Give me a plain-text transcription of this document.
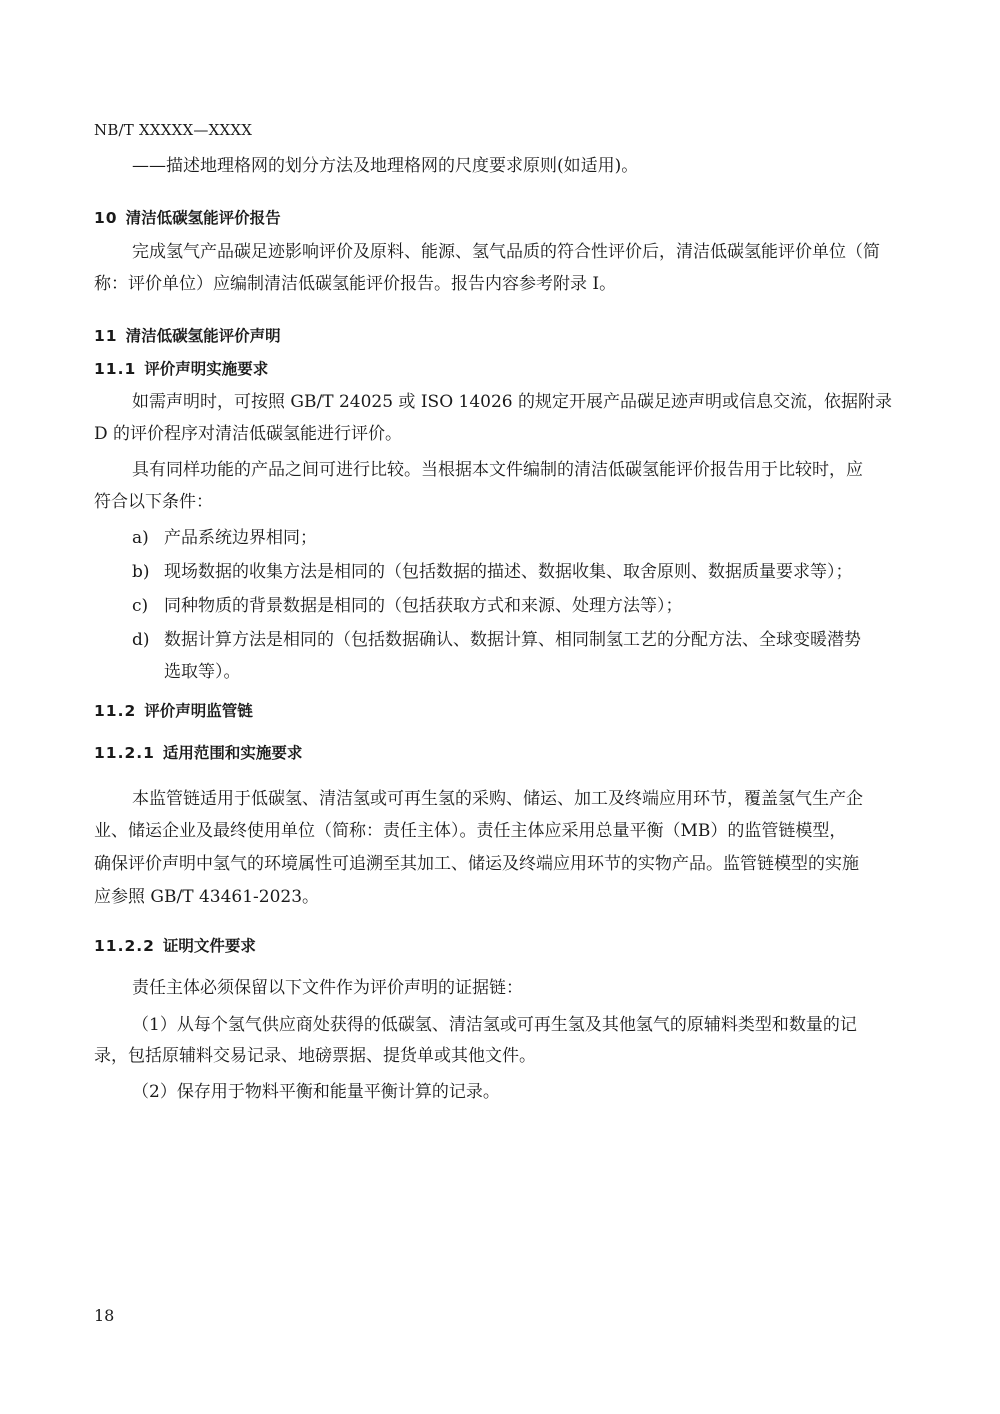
NB/T XXXXX—XXXX
——描述地理格网的划分方法及地理格网的尺度要求原则(如适用)。
10 清洁低碳氢能评价报告
完成氢气产品碳足迹影响评价及原料、能源、氢气品质的符合性评价后，清洁低碳氢能评价单位（简
称：评价单位）应编制清洁低碳氢能评价报告。报告内容参考附录 I。
11 清洁低碳氢能评价声明
11.1 评价声明实施要求
如需声明时，可按照 GB/T 24025 或 ISO 14026 的规定开展产品碳足迹声明或信息交流，依据附录
D 的评价程序对清洁低碳氢能进行评价。
具有同样功能的产品之间可进行比较。当根据本文件编制的清洁低碳氢能评价报告用于比较时，应
符合以下条件：
a) 产品系统边界相同；
b) 现场数据的收集方法是相同的（包括数据的描述、数据收集、取舍原则、数据质量要求等）；
c) 同种物质的背景数据是相同的（包括获取方式和来源、处理方法等）；
d) 数据计算方法是相同的（包括数据确认、数据计算、相同制氢工艺的分配方法、全球变暖潜势
选取等）。
11.2 评价声明监管链
11.2.1 适用范围和实施要求
本监管链适用于低碳氢、清洁氢或可再生氢的采购、储运、加工及终端应用环节，覆盖氢气生产企
业、储运企业及最终使用单位（简称：责任主体）。责任主体应采用总量平衡（MB）的监管链模型，
确保评价声明中氢气的环境属性可追溯至其加工、储运及终端应用环节的实物产品。监管链模型的实施
应参照 GB/T 43461-2023。
11.2.2 证明文件要求
责任主体必须保留以下文件作为评价声明的证据链：
（1）从每个氢气供应商处获得的低碳氢、清洁氢或可再生氢及其他氢气的原辅料类型和数量的记
录，包括原辅料交易记录、地磅票据、提货单或其他文件。
（2）保存用于物料平衡和能量平衡计算的记录。
18
